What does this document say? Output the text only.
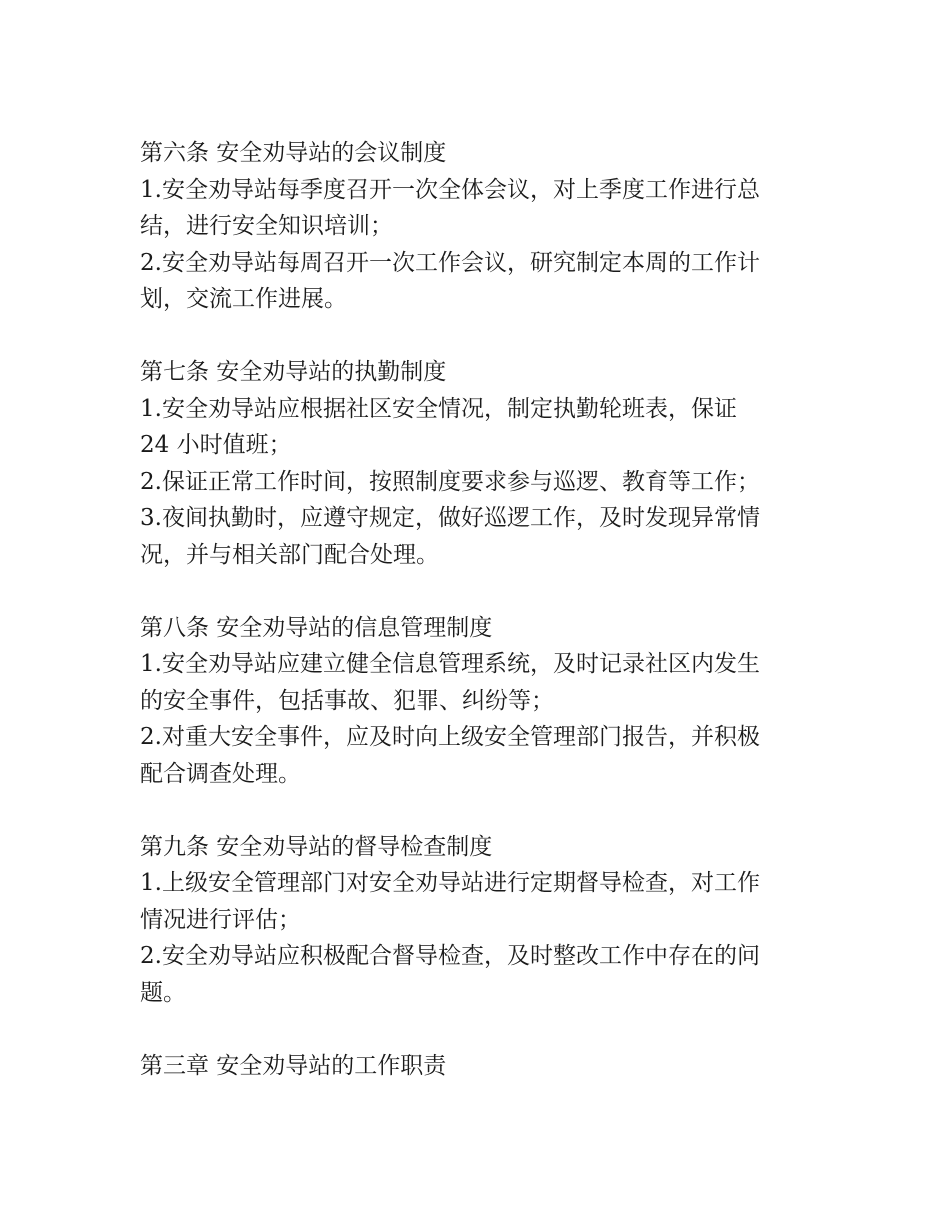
第六条 安全劝导站的会议制度

1.安全劝导站每季度召开一次全体会议，对上季度工作进行总

结，进行安全知识培训；

2.安全劝导站每周召开一次工作会议，研究制定本周的工作计

划，交流工作进展。

第七条 安全劝导站的执勤制度

1.安全劝导站应根据社区安全情况，制定执勤轮班表，保证

24 小时值班；

2.保证正常工作时间，按照制度要求参与巡逻、教育等工作；

3.夜间执勤时，应遵守规定，做好巡逻工作，及时发现异常情

况，并与相关部门配合处理。

第八条 安全劝导站的信息管理制度

1.安全劝导站应建立健全信息管理系统，及时记录社区内发生

的安全事件，包括事故、犯罪、纠纷等；

2.对重大安全事件，应及时向上级安全管理部门报告，并积极

配合调查处理。

第九条 安全劝导站的督导检查制度

1.上级安全管理部门对安全劝导站进行定期督导检查，对工作

情况进行评估；

2.安全劝导站应积极配合督导检查，及时整改工作中存在的问

题。

第三章 安全劝导站的工作职责
